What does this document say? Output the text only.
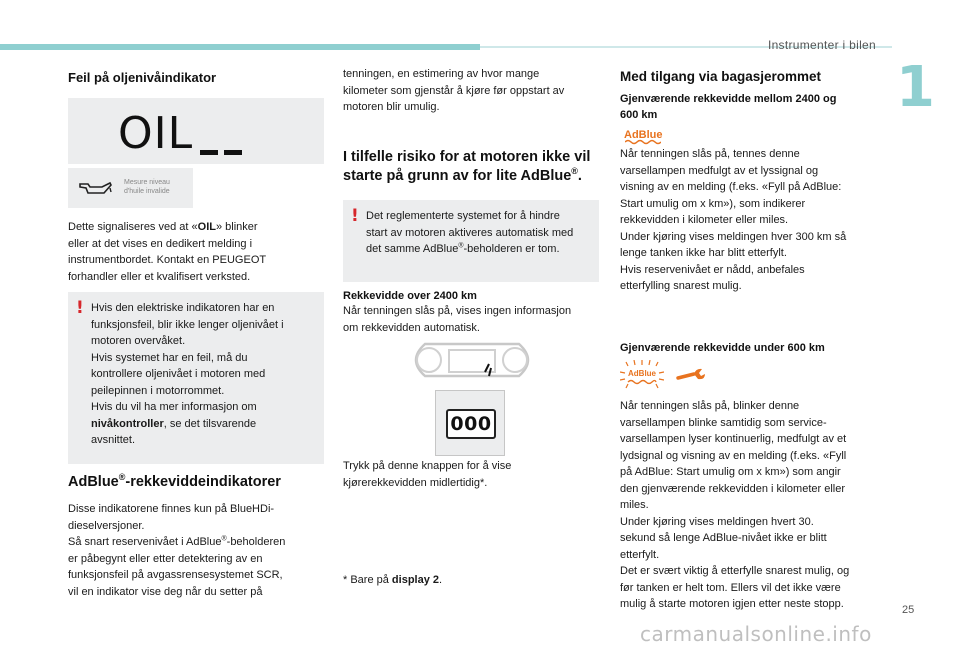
Instrumenter i bilen
1
Feil på oljenivåindikator
OIL
Mesure niveau
d'huile invalide
Dette signaliseres ved at «OIL» blinker
eller at det vises en dedikert melding i
instrumentbordet. Kontakt en PEUGEOT
forhandler eller et kvalifisert verksted.
! Hvis den elektriske indikatoren har en
funksjonsfeil, blir ikke lenger oljenivået i
motoren overvåket.
Hvis systemet har en feil, må du
kontrollere oljenivået i motoren med
peilepinnen i motorrommet.
Hvis du vil ha mer informasjon om
nivåkontroller, se det tilsvarende
avsnittet.
AdBlue®-rekkeviddeindikatorer
Disse indikatorene finnes kun på BlueHDi-
dieselversjoner.
Så snart reservenivået i AdBlue®-beholderen
er påbegynt eller etter detektering av en
funksjonsfeil på avgassrensesystemet SCR,
vil en indikator vise deg når du setter på
tenningen, en estimering av hvor mange
kilometer som gjenstår å kjøre før oppstart av
motoren blir umulig.
I tilfelle risiko for at motoren ikke vil
starte på grunn av for lite AdBlue®.
! Det reglementerte systemet for å hindre
start av motoren aktiveres automatisk med
det samme AdBlue®-beholderen er tom.
Rekkevidde over 2400 km
Når tenningen slås på, vises ingen informasjon
om rekkevidden automatisk.
000
Trykk på denne knappen for å vise
kjørerekkevidden midlertidig*.
* Bare på display 2.
Med tilgang via bagasjerommet
Gjenværende rekkevidde mellom 2400 og
600 km
AdBlue
Når tenningen slås på, tennes denne
varsellampen medfulgt av et lyssignal og
visning av en melding (f.eks. «Fyll på AdBlue:
Start umulig om x km»), som indikerer
rekkevidden i kilometer eller miles.
Under kjøring vises meldingen hver 300 km så
lenge tanken ikke har blitt etterfylt.
Hvis reservenivået er nådd, anbefales
etterfylling snarest mulig.
Gjenværende rekkevidde under 600 km
AdBlue
Når tenningen slås på, blinker denne
varsellampen blinke samtidig som service-
varsellampen lyser kontinuerlig, medfulgt av et
lydsignal og visning av en melding (f.eks. «Fyll
på AdBlue: Start umulig om x km») som angir
den gjenværende rekkevidden i kilometer eller
miles.
Under kjøring vises meldingen hvert 30.
sekund så lenge AdBlue-nivået ikke er blitt
etterfylt.
Det er svært viktig å etterfylle snarest mulig, og
før tanken er helt tom. Ellers vil det ikke være
mulig å starte motoren igjen etter neste stopp.	25
carmanualsonline.info
